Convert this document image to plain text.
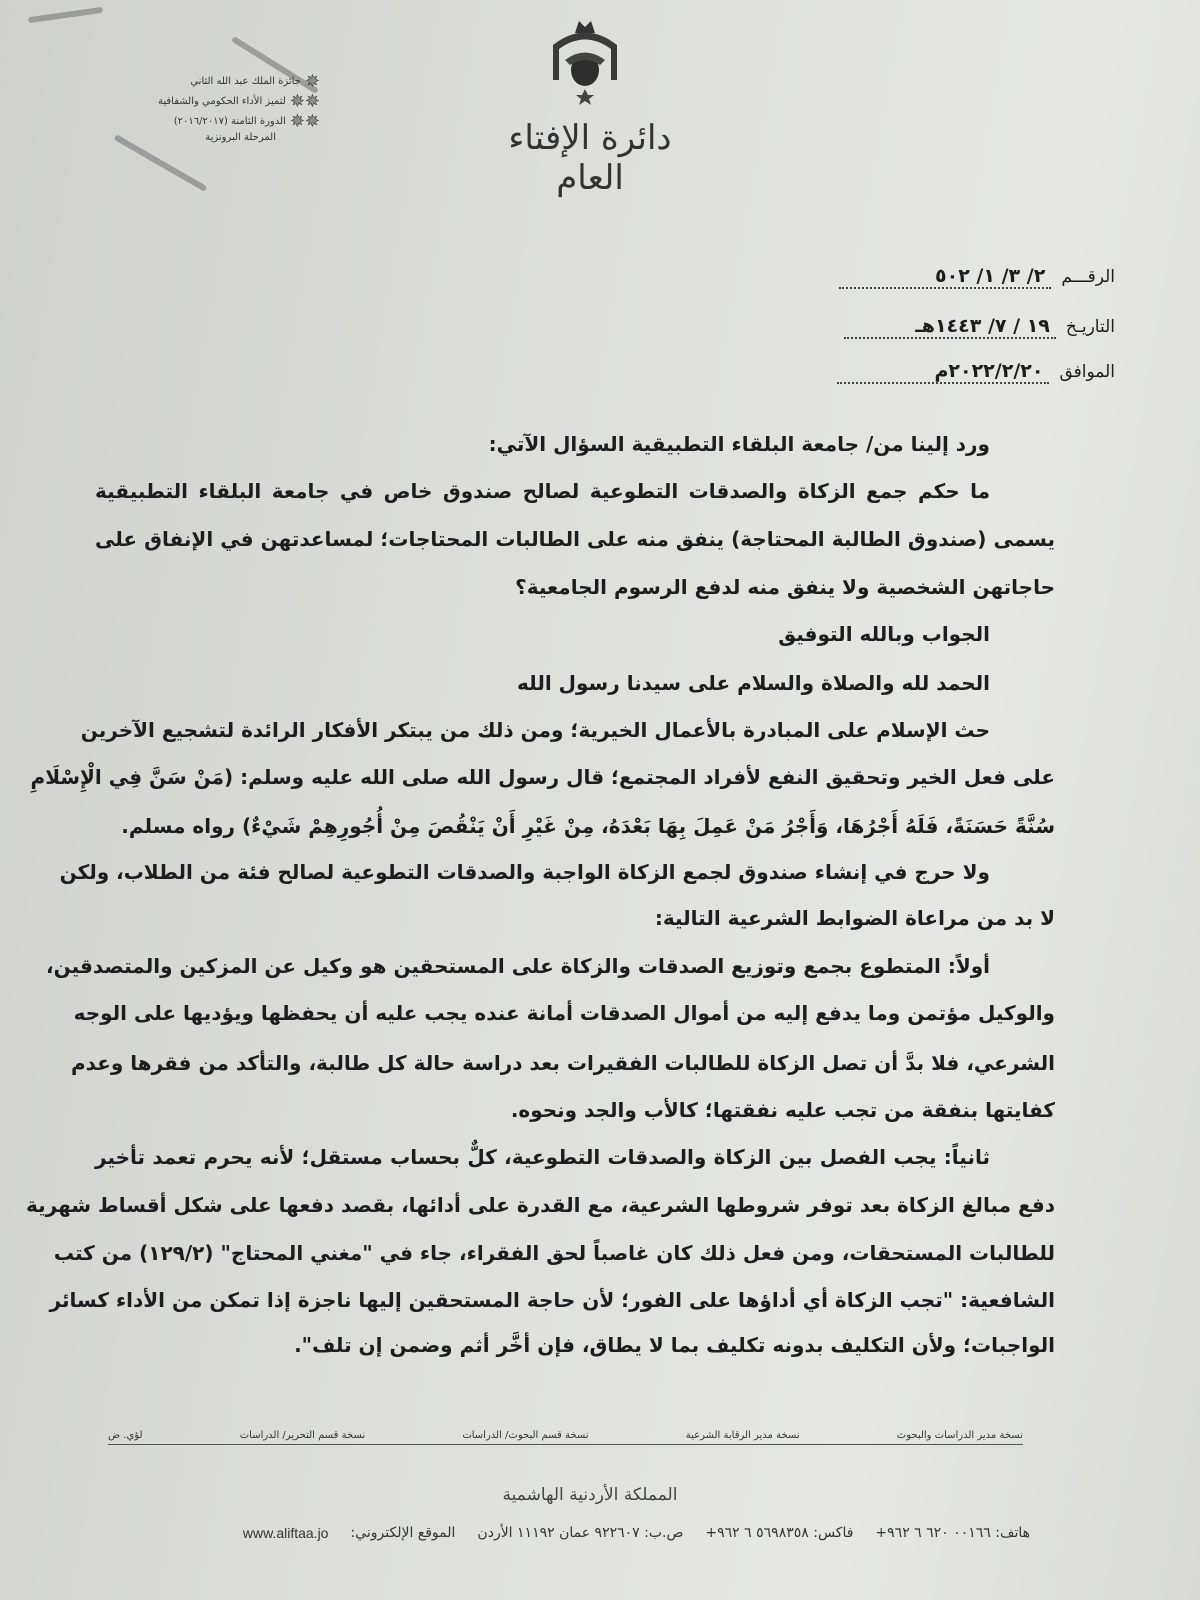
دائرة الإفتاء العام
✵
جائزة الملك عبد الله الثاني
✵✵
لتميز الأداء الحكومي والشفافية
✵✵
الدورة الثامنة (٢٠١٦/٢٠١٧)
المرحلة البرونزية
الرقـــم
٢/ ٣/ ١/ ٥٠٢
التاريـخ
١٩ / ٧/ ١٤٤٣هـ
الموافق
٢٠٢٢/٢/٢٠م
ورد إلينا من/ جامعة البلقاء التطبيقية السؤال الآتي:
ما حكم جمع الزكاة والصدقات التطوعية لصالح صندوق خاص في جامعة البلقاء التطبيقية
يسمى (صندوق الطالبة المحتاجة) ينفق منه على الطالبات المحتاجات؛ لمساعدتهن في الإنفاق على
حاجاتهن الشخصية ولا ينفق منه لدفع الرسوم الجامعية؟
الجواب وبالله التوفيق
الحمد لله والصلاة والسلام على سيدنا رسول الله
حث الإسلام على المبادرة بالأعمال الخيرية؛ ومن ذلك من يبتكر الأفكار الرائدة لتشجيع الآخرين
على فعل الخير وتحقيق النفع لأفراد المجتمع؛ قال رسول الله صلى الله عليه وسلم: (مَنْ سَنَّ فِي الْإِسْلَامِ
سُنَّةً حَسَنَةً، فَلَهُ أَجْرُهَا، وَأَجْرُ مَنْ عَمِلَ بِهَا بَعْدَهُ، مِنْ غَيْرِ أَنْ يَنْقُصَ مِنْ أُجُورِهِمْ شَيْءٌ) رواه مسلم.
ولا حرج في إنشاء صندوق لجمع الزكاة الواجبة والصدقات التطوعية لصالح فئة من الطلاب، ولكن
لا بد من مراعاة الضوابط الشرعية التالية:
أولاً: المتطوع بجمع وتوزيع الصدقات والزكاة على المستحقين هو وكيل عن المزكين والمتصدقين،
والوكيل مؤتمن وما يدفع إليه من أموال الصدقات أمانة عنده يجب عليه أن يحفظها ويؤديها على الوجه
الشرعي، فلا بدَّ أن تصل الزكاة للطالبات الفقيرات بعد دراسة حالة كل طالبة، والتأكد من فقرها وعدم
كفايتها بنفقة من تجب عليه نفقتها؛ كالأب والجد ونحوه.
ثانياً: يجب الفصل بين الزكاة والصدقات التطوعية، كلٌّ بحساب مستقل؛ لأنه يحرم تعمد تأخير
دفع مبالغ الزكاة بعد توفر شروطها الشرعية، مع القدرة على أدائها، بقصد دفعها على شكل أقساط شهرية
للطالبات المستحقات، ومن فعل ذلك كان غاصباً لحق الفقراء، جاء في "مغني المحتاج" (١٢٩/٢) من كتب
الشافعية: "تجب الزكاة أي أداؤها على الفور؛ لأن حاجة المستحقين إليها ناجزة إذا تمكن من الأداء كسائر
الواجبات؛ ولأن التكليف بدونه تكليف بما لا يطاق، فإن أخَّر أثم وضمن إن تلف".
نسخة مدير الدراسات والبحوث
نسخة مدير الرقابة الشرعية
نسخة قسم البحوث/ الدراسات
نسخة قسم التحرير/ الدراسات
لؤي. ض
المملكة الأردنية الهاشمية
هاتف: ٠٠١٦٦ ٦٢٠ ٦ ٩٦٢+
فاكس: ٥٦٩٨٣٥٨ ٦ ٩٦٢+
ص.ب: ٩٢٢٦٠٧ عمان ١١١٩٢ الأردن
الموقع الإلكتروني:
www.aliftaa.jo
